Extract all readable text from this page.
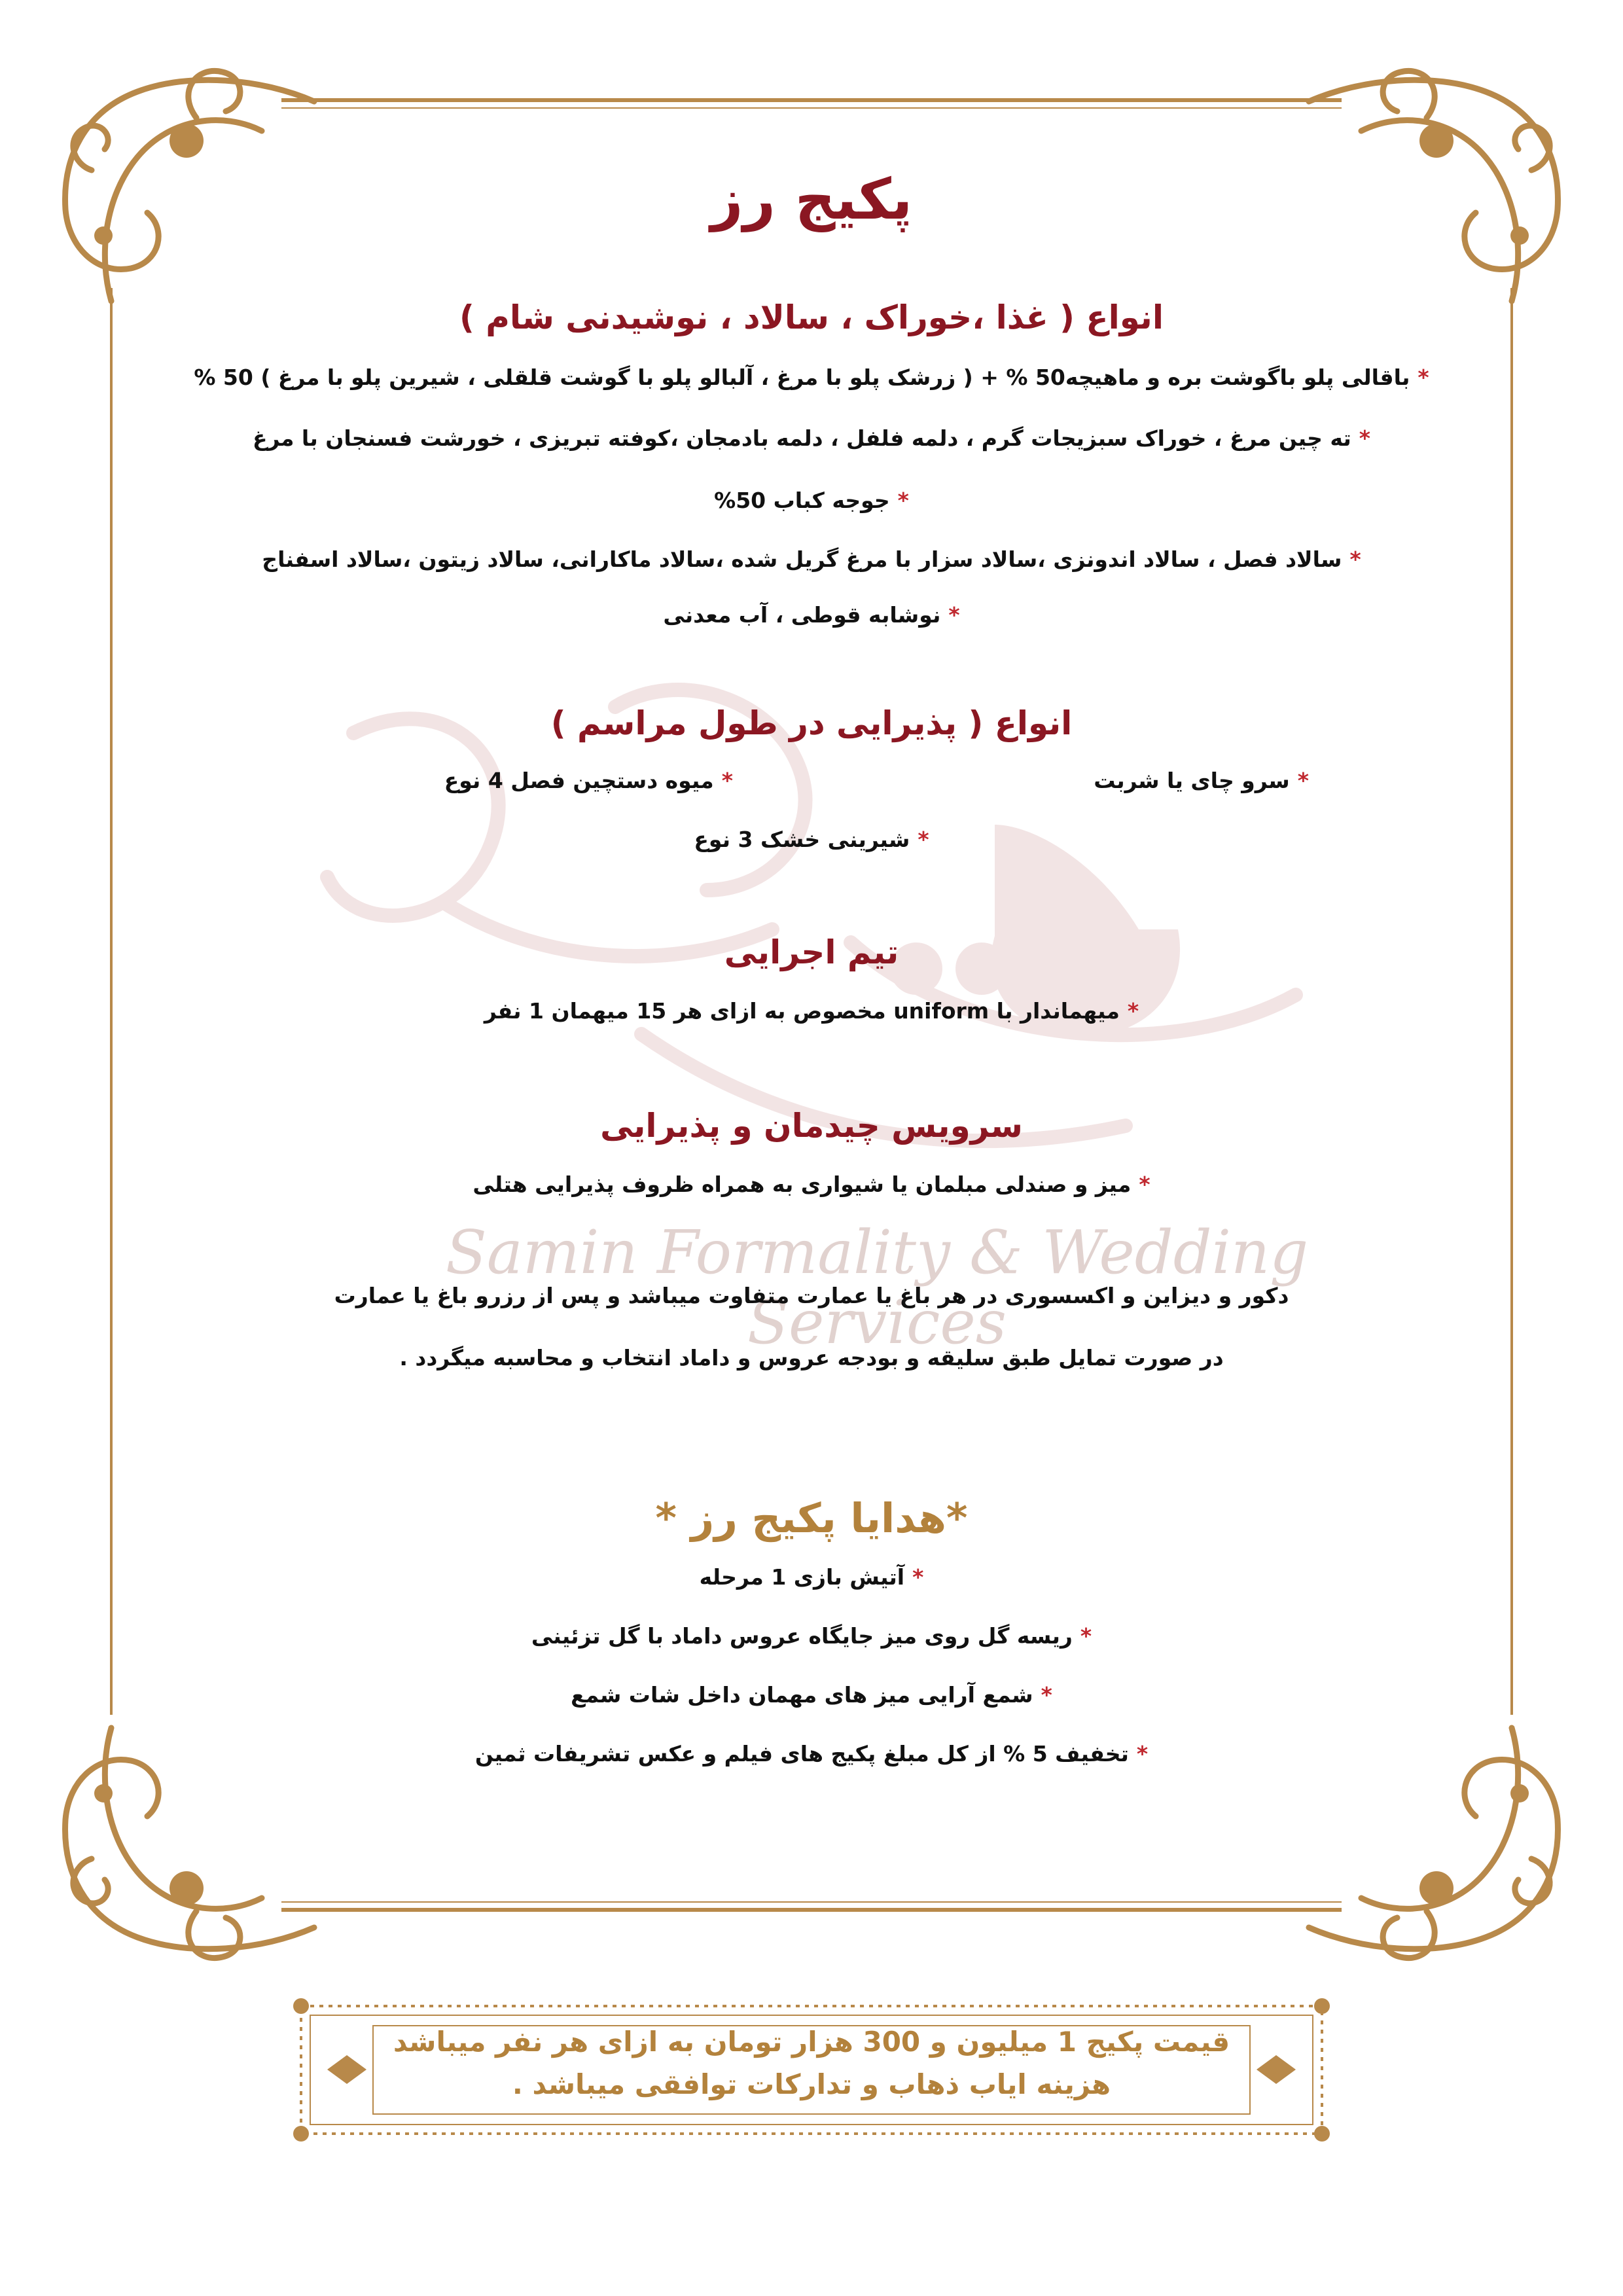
Samin Formality & Wedding Services
پکیج رز
انواع ( غذا ،خوراک ، سالاد ، نوشیدنی شام )
*باقالی پلو باگوشت بره و ماهیچه50 % + ( زرشک پلو با مرغ ، آلبالو پلو با گوشت قلقلی ، شیرین پلو با مرغ ) 50 %
*ته چین مرغ ، خوراک سبزیجات گرم ، دلمه فلفل ، دلمه بادمجان ،کوفته تبریزی ، خورشت فسنجان با مرغ
*جوجه کباب 50%
*سالاد فصل ، سالاد اندونزی ،سالاد سزار با مرغ گریل شده ،سالاد ماکارانی، سالاد زیتون ،سالاد اسفناج
*نوشابه قوطی ، آب معدنی
انواع ( پذیرایی در طول مراسم )
*سرو چای یا شربت
*میوه دستچین فصل 4 نوع
*شیرینی خشک 3 نوع
تیم اجرایی
*میهماندار با uniform مخصوص به ازای هر 15 میهمان 1 نفر
سرویس چیدمان و پذیرایی
*میز و صندلی مبلمان یا شیواری به همراه ظروف پذیرایی هتلی
دکور و دیزاین و اکسسوری در هر باغ یا عمارت متفاوت میباشد و پس از رزرو باغ یا عمارت
در صورت تمایل طبق سلیقه و بودجه عروس و داماد انتخاب و محاسبه میگردد .
*هدایا پکیج رز *
*آتیش بازی 1 مرحله
*ریسه گل روی میز جایگاه عروس داماد با گل تزئینی
*شمع آرایی میز های مهمان داخل شات شمع
*تخفیف 5 % از کل مبلغ پکیج های فیلم و عکس تشریفات ثمین
قیمت پکیج 1 میلیون و 300 هزار تومان به ازای هر نفر میباشد
هزینه ایاب ذهاب و تدارکات توافقی میباشد .
